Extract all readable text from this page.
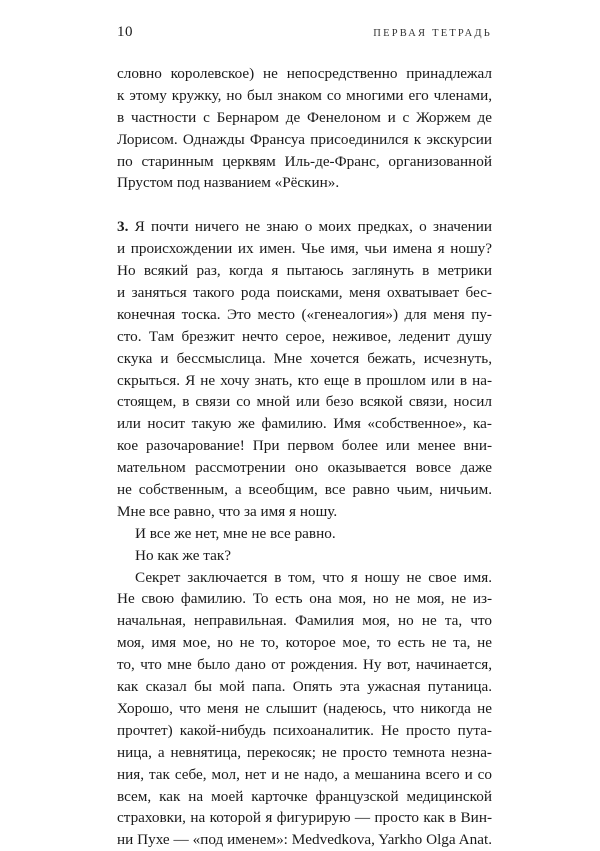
10	ПЕРВАЯ ТЕТРАДЬ
словно королевское) не непосредственно принадлежал
к этому кружку, но был знаком со многими его членами,
в частности с Бернаром де Фенелоном и с Жоржем де
Лорисом. Однажды Франсуа присоединился к экскурсии
по старинным церквям Иль-де-Франс, организованной
Прустом под названием «Рёскин».
3. Я почти ничего не знаю о моих предках, о значении
и происхождении их имен. Чье имя, чьи имена я ношу?
Но всякий раз, когда я пытаюсь заглянуть в метрики
и заняться такого рода поисками, меня охватывает бес-
конечная тоска. Это место («генеалогия») для меня пу-
сто. Там брезжит нечто серое, неживое, леденит душу
скука и бессмыслица. Мне хочется бежать, исчезнуть,
скрыться. Я не хочу знать, кто еще в прошлом или в на-
стоящем, в связи со мной или безо всякой связи, носил
или носит такую же фамилию. Имя «собственное», ка-
кое разочарование! При первом более или менее вни-
мательном рассмотрении оно оказывается вовсе даже
не собственным, а всеобщим, все равно чьим, ничьим.
Мне все равно, что за имя я ношу.
И все же нет, мне не все равно.
Но как же так?
Секрет заключается в том, что я ношу не свое имя.
Не свою фамилию. То есть она моя, но не моя, не из-
начальная, неправильная. Фамилия моя, но не та, что
моя, имя мое, но не то, которое мое, то есть не та, не
то, что мне было дано от рождения. Ну вот, начинается,
как сказал бы мой папа. Опять эта ужасная путаница.
Хорошо, что меня не слышит (надеюсь, что никогда не
прочтет) какой-нибудь психоаналитик. Не просто пута-
ница, а невнятица, перекосяк; не просто темнота незна-
ния, так себе, мол, нет и не надо, а мешанина всего и со
всем, как на моей карточке французской медицинской
страховки, на которой я фигурирую — просто как в Вин-
ни Пухе — «под именем»: Medvedkova, Yarkho Olga Anat.
